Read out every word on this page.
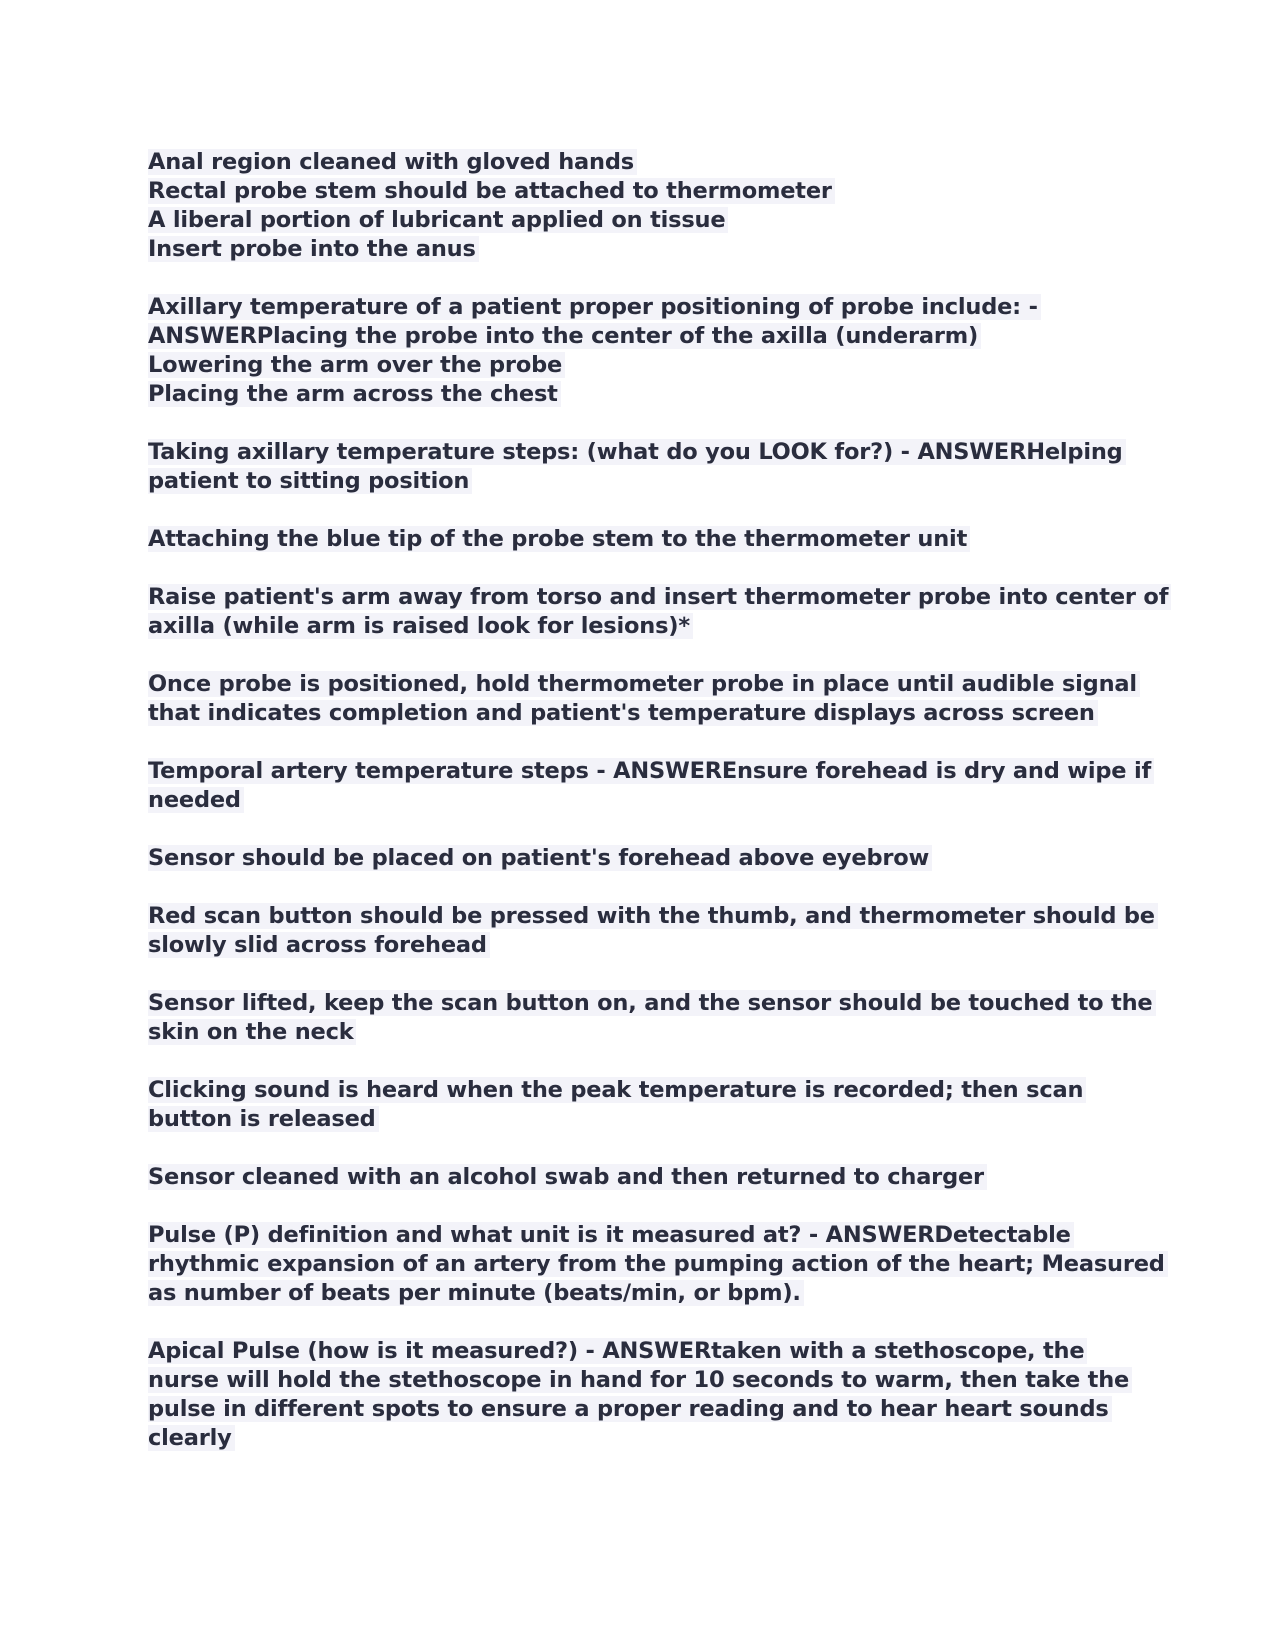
Anal region cleaned with gloved hands
Rectal probe stem should be attached to thermometer
A liberal portion of lubricant applied on tissue
Insert probe into the anus
Axillary temperature of a patient proper positioning of probe include: -
ANSWERPlacing the probe into the center of the axilla (underarm)
Lowering the arm over the probe
Placing the arm across the chest
Taking axillary temperature steps: (what do you LOOK for?) - ANSWERHelping
patient to sitting position
Attaching the blue tip of the probe stem to the thermometer unit
Raise patient's arm away from torso and insert thermometer probe into center of
axilla (while arm is raised look for lesions)*
Once probe is positioned, hold thermometer probe in place until audible signal
that indicates completion and patient's temperature displays across screen
Temporal artery temperature steps - ANSWEREnsure forehead is dry and wipe if
needed
Sensor should be placed on patient's forehead above eyebrow
Red scan button should be pressed with the thumb, and thermometer should be
slowly slid across forehead
Sensor lifted, keep the scan button on, and the sensor should be touched to the
skin on the neck
Clicking sound is heard when the peak temperature is recorded; then scan
button is released
Sensor cleaned with an alcohol swab and then returned to charger
Pulse (P) definition and what unit is it measured at? - ANSWERDetectable
rhythmic expansion of an artery from the pumping action of the heart; Measured
as number of beats per minute (beats/min, or bpm).
Apical Pulse (how is it measured?) - ANSWERtaken with a stethoscope, the
nurse will hold the stethoscope in hand for 10 seconds to warm, then take the
pulse in different spots to ensure a proper reading and to hear heart sounds
clearly
